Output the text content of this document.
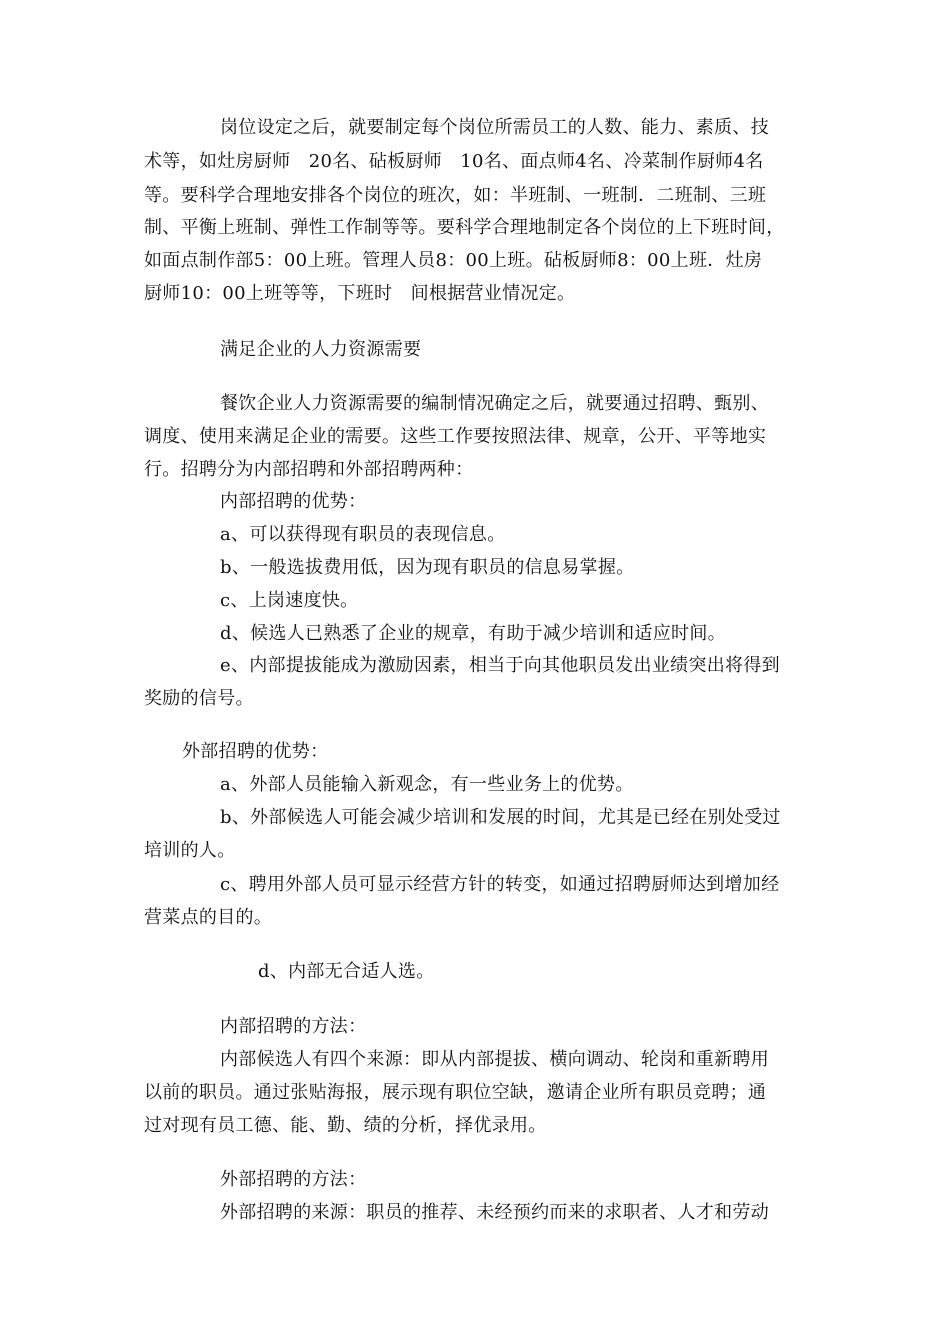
岗位设定之后，就要制定每个岗位所需员工的人数、能力、素质、技
术等，如灶房厨师　20名、砧板厨师　10名、面点师4名、冷菜制作厨师4名
等。要科学合理地安排各个岗位的班次，如：半班制、一班制．二班制、三班
制、平衡上班制、弹性工作制等等。要科学合理地制定各个岗位的上下班时间，
如面点制作部5：00上班。管理人员8：00上班。砧板厨师8：00上班．灶房
厨师10：00上班等等，下班时　间根据营业情况定。
满足企业的人力资源需要
餐饮企业人力资源需要的编制情况确定之后，就要通过招聘、甄别、
调度、使用来满足企业的需要。这些工作要按照法律、规章，公开、平等地实
行。招聘分为内部招聘和外部招聘两种：
内部招聘的优势：
a、可以获得现有职员的表现信息。
b、一般选拔费用低，因为现有职员的信息易掌握。
c、上岗速度快。
d、候选人已熟悉了企业的规章，有助于减少培训和适应时间。
e、内部提拔能成为激励因素，相当于向其他职员发出业绩突出将得到
奖励的信号。
外部招聘的优势：
a、外部人员能输入新观念，有一些业务上的优势。
b、外部候选人可能会减少培训和发展的时间，尤其是已经在别处受过
培训的人。
c、聘用外部人员可显示经营方针的转变，如通过招聘厨师达到增加经
营菜点的目的。
d、内部无合适人选。
内部招聘的方法：
内部候选人有四个来源：即从内部提拔、横向调动、轮岗和重新聘用
以前的职员。通过张贴海报，展示现有职位空缺，邀请企业所有职员竞聘；通
过对现有员工德、能、勤、绩的分析，择优录用。
外部招聘的方法：
外部招聘的来源：职员的推荐、未经预约而来的求职者、人才和劳动
